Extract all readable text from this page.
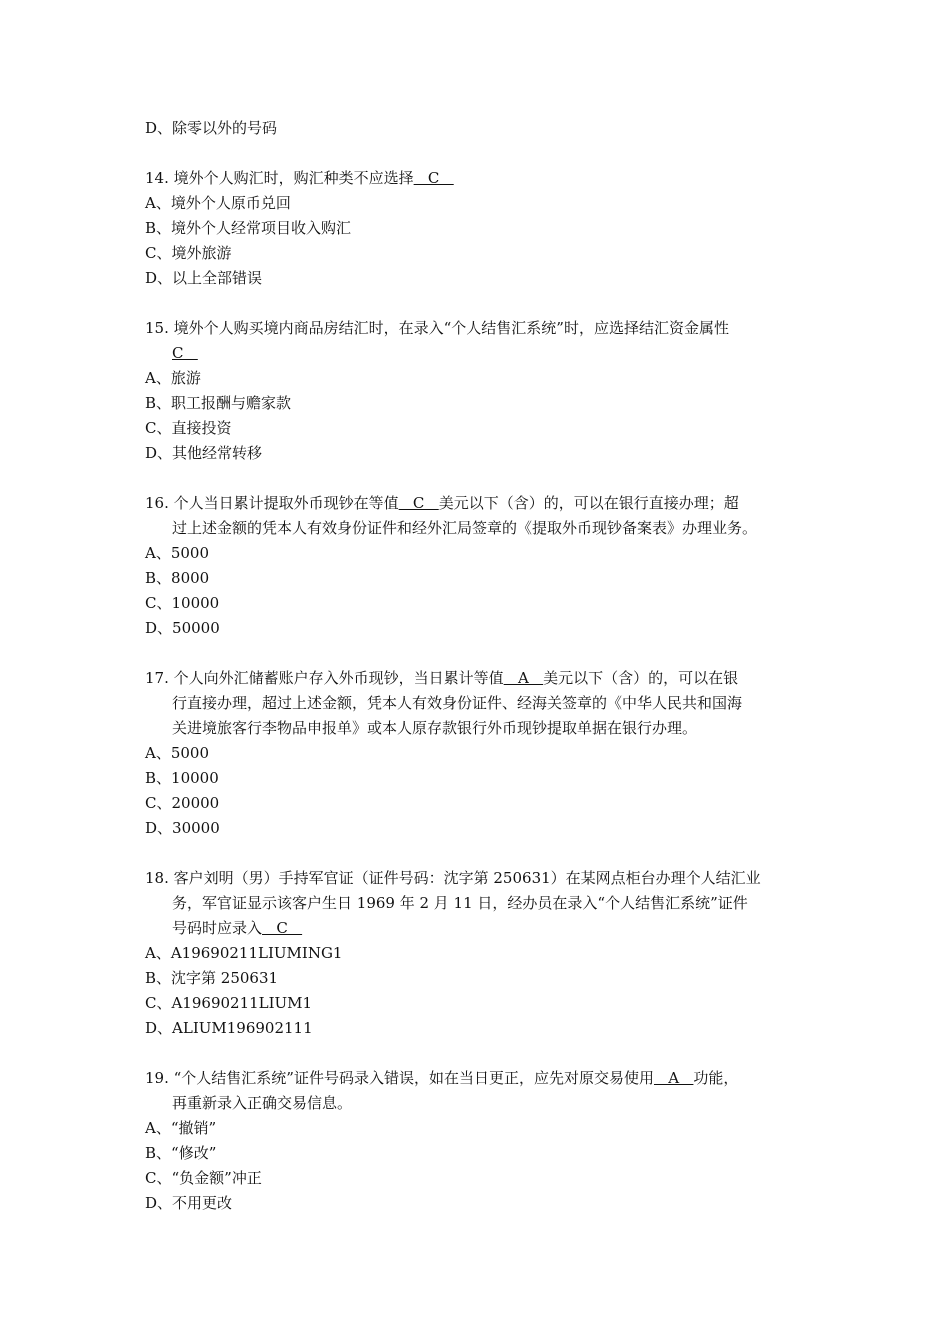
D、除零以外的号码
14. 境外个人购汇时，购汇种类不应选择   C
A、境外个人原币兑回
B、境外个人经常项目收入购汇
C、境外旅游
D、以上全部错误
15. 境外个人购买境内商品房结汇时，在录入“个人结售汇系统”时，应选择结汇资金属性
C
A、旅游
B、职工报酬与赡家款
C、直接投资
D、其他经常转移
16. 个人当日累计提取外币现钞在等值   C   美元以下（含）的，可以在银行直接办理；超
过上述金额的凭本人有效身份证件和经外汇局签章的《提取外币现钞备案表》办理业务。
A、5000
B、8000
C、10000
D、50000
17. 个人向外汇储蓄账户存入外币现钞，当日累计等值   A   美元以下（含）的，可以在银
行直接办理，超过上述金额，凭本人有效身份证件、经海关签章的《中华人民共和国海
关进境旅客行李物品申报单》或本人原存款银行外币现钞提取单据在银行办理。
A、5000
B、10000
C、20000
D、30000
18. 客户刘明（男）手持军官证（证件号码：沈字第 250631）在某网点柜台办理个人结汇业
务，军官证显示该客户生日 1969 年 2 月 11 日，经办员在录入“个人结售汇系统”证件
号码时应录入   C
A、A19690211LIUMING1
B、沈字第 250631
C、A19690211LIUM1
D、ALIUM196902111
19. “个人结售汇系统”证件号码录入错误，如在当日更正，应先对原交易使用   A   功能，
再重新录入正确交易信息。
A、“撤销”
B、“修改”
C、“负金额”冲正
D、不用更改
